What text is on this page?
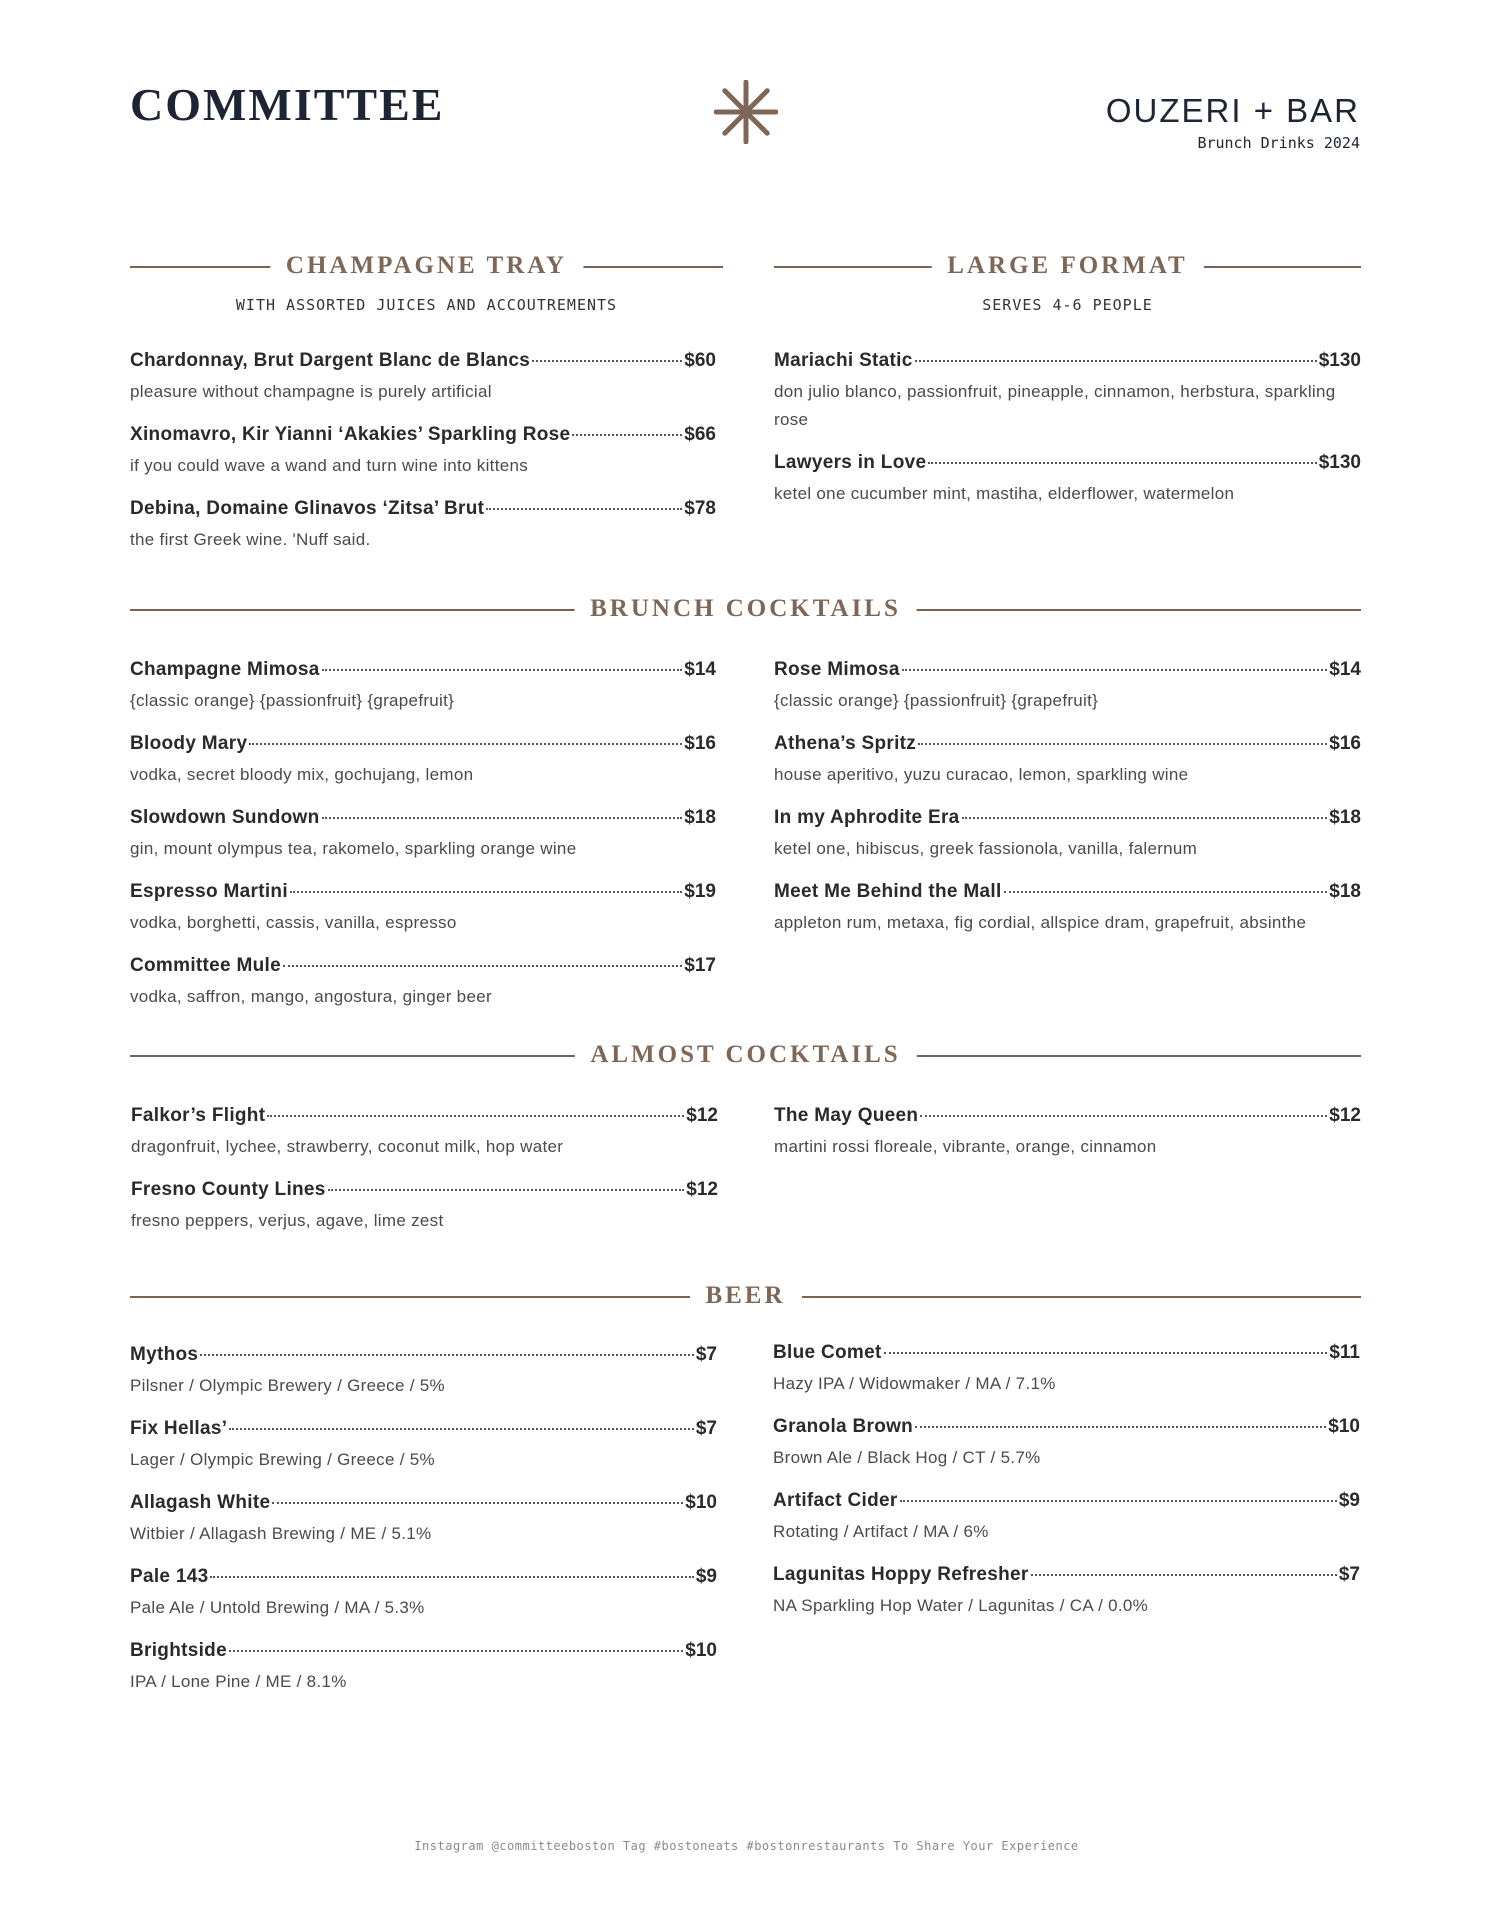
COMMITTEE	OUZERI + BAR
Brunch Drinks 2024
CHAMPAGNE TRAY
WITH ASSORTED JUICES AND ACCOUTREMENTS
Chardonnay, Brut Dargent Blanc de Blancs	$60
pleasure without champagne is purely artificial
Xinomavro, Kir Yianni ‘Akakies’ Sparkling Rose	$66
if you could wave a wand and turn wine into kittens
Debina, Domaine Glinavos ‘Zitsa’ Brut	$78
the first Greek wine. 'Nuff said.
LARGE FORMAT
SERVES 4-6 PEOPLE
Mariachi Static	$130
don julio blanco, passionfruit, pineapple, cinnamon, herbstura, sparkling rose
Lawyers in Love	$130
ketel one cucumber mint, mastiha, elderflower, watermelon
BRUNCH COCKTAILS
Champagne Mimosa	$14
{classic orange} {passionfruit} {grapefruit}
Bloody Mary	$16
vodka, secret bloody mix, gochujang, lemon
Slowdown Sundown	$18
gin, mount olympus tea, rakomelo, sparkling orange wine
Espresso Martini	$19
vodka, borghetti, cassis, vanilla, espresso
Committee Mule	$17
vodka, saffron, mango, angostura, ginger beer
Rose Mimosa	$14
{classic orange} {passionfruit} {grapefruit}
Athena’s Spritz	$16
house aperitivo, yuzu curacao, lemon, sparkling wine
In my Aphrodite Era	$18
ketel one, hibiscus, greek fassionola, vanilla, falernum
Meet Me Behind the Mall	$18
appleton rum, metaxa, fig cordial, allspice dram, grapefruit, absinthe
ALMOST COCKTAILS
Falkor’s Flight	$12
dragonfruit, lychee, strawberry, coconut milk, hop water
Fresno County Lines	$12
fresno peppers, verjus, agave, lime zest
The May Queen	$12
martini rossi floreale, vibrante, orange, cinnamon
BEER
Mythos	$7
Pilsner / Olympic Brewery / Greece / 5%
Fix Hellas’	$7
Lager / Olympic Brewing / Greece / 5%
Allagash White	$10
Witbier / Allagash Brewing / ME / 5.1%
Pale 143	$9
Pale Ale / Untold Brewing / MA / 5.3%
Brightside	$10
IPA / Lone Pine / ME / 8.1%
Blue Comet	$11
Hazy IPA / Widowmaker / MA / 7.1%
Granola Brown	$10
Brown Ale / Black Hog / CT / 5.7%
Artifact Cider	$9
Rotating / Artifact / MA / 6%
Lagunitas Hoppy Refresher	$7
NA Sparkling Hop Water / Lagunitas / CA / 0.0%
Instagram @committeeboston Tag #bostoneats #bostonrestaurants To Share Your Experience
